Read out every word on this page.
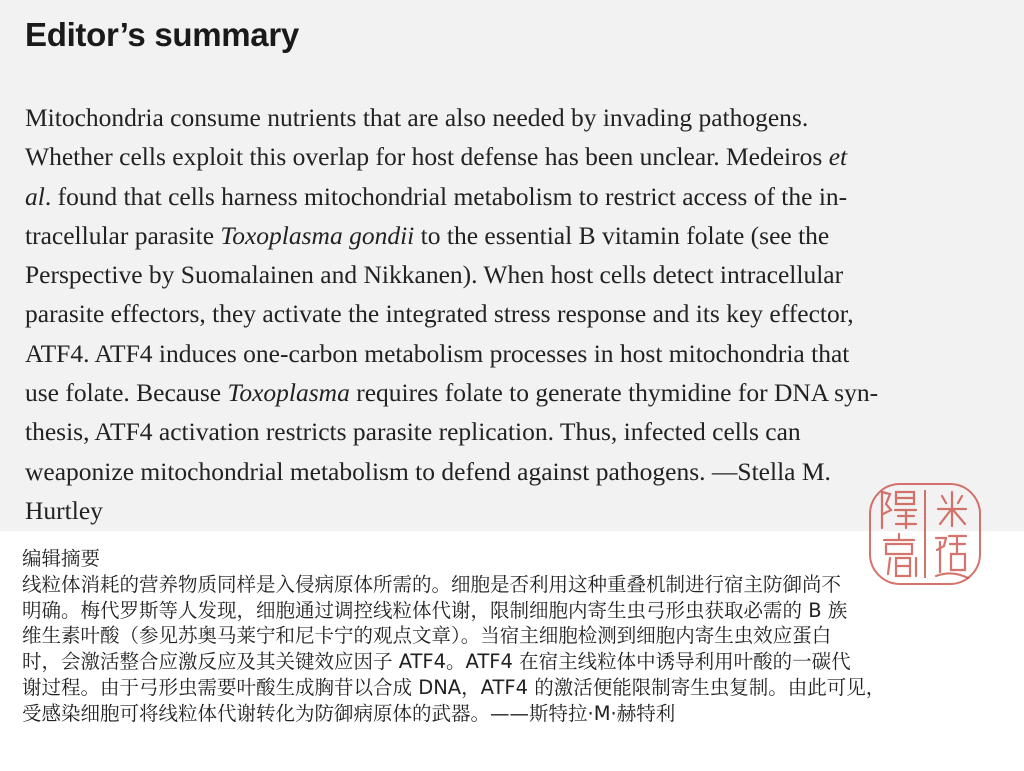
Editor’s summary

Mitochondria consume nutrients that are also needed by invading pathogens.
Whether cells exploit this overlap for host defense has been unclear. Medeiros et
al. found that cells harness mitochondrial metabolism to restrict access of the in-
tracellular parasite Toxoplasma gondii to the essential B vitamin folate (see the
Perspective by Suomalainen and Nikkanen). When host cells detect intracellular
parasite effectors, they activate the integrated stress response and its key effector,
ATF4. ATF4 induces one-carbon metabolism processes in host mitochondria that
use folate. Because Toxoplasma requires folate to generate thymidine for DNA syn-
thesis, ATF4 activation restricts parasite replication. Thus, infected cells can
weaponize mitochondrial metabolism to defend against pathogens. —Stella M.
Hurtley

编辑摘要
线粒体消耗的营养物质同样是入侵病原体所需的。细胞是否利用这种重叠机制进行宿主防御尚不
明确。梅代罗斯等人发现，细胞通过调控线粒体代谢，限制细胞内寄生虫弓形虫获取必需的 B 族
维生素叶酸（参见苏奥马莱宁和尼卡宁的观点文章）。当宿主细胞检测到细胞内寄生虫效应蛋白
时，会激活整合应激反应及其关键效应因子 ATF4。ATF4 在宿主线粒体中诱导利用叶酸的一碳代
谢过程。由于弓形虫需要叶酸生成胸苷以合成 DNA，ATF4 的激活便能限制寄生虫复制。由此可见，
受感染细胞可将线粒体代谢转化为防御病原体的武器。——斯特拉·M·赫特利
